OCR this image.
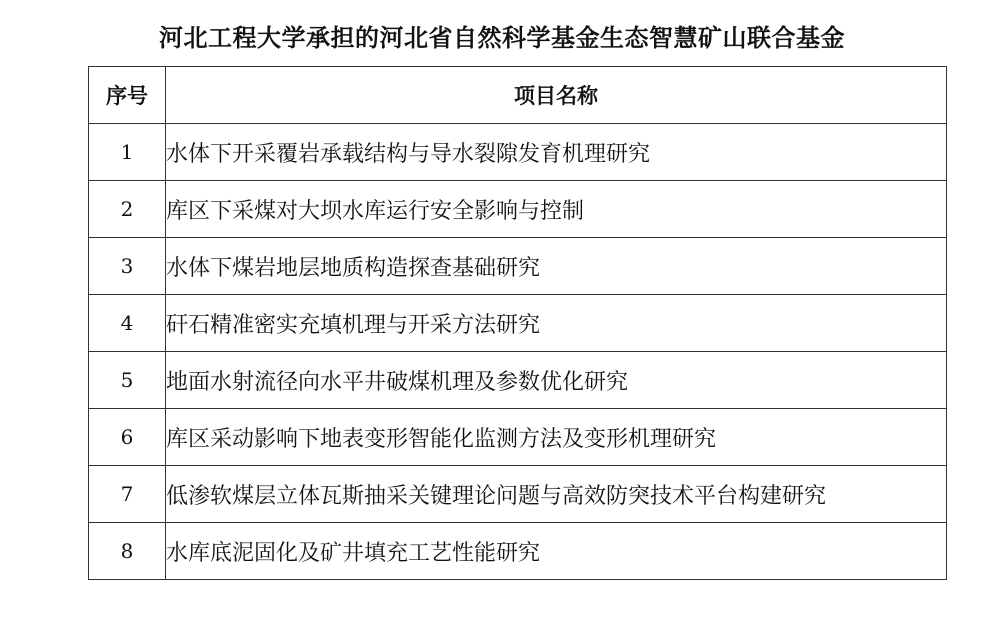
河北工程大学承担的河北省自然科学基金生态智慧矿山联合基金
序号	项目名称
1	水体下开采覆岩承载结构与导水裂隙发育机理研究
2	库区下采煤对大坝水库运行安全影响与控制
3	水体下煤岩地层地质构造探查基础研究
4	矸石精准密实充填机理与开采方法研究
5	地面水射流径向水平井破煤机理及参数优化研究
6	库区采动影响下地表变形智能化监测方法及变形机理研究
7	低渗软煤层立体瓦斯抽采关键理论问题与高效防突技术平台构建研究
8	水库底泥固化及矿井填充工艺性能研究
